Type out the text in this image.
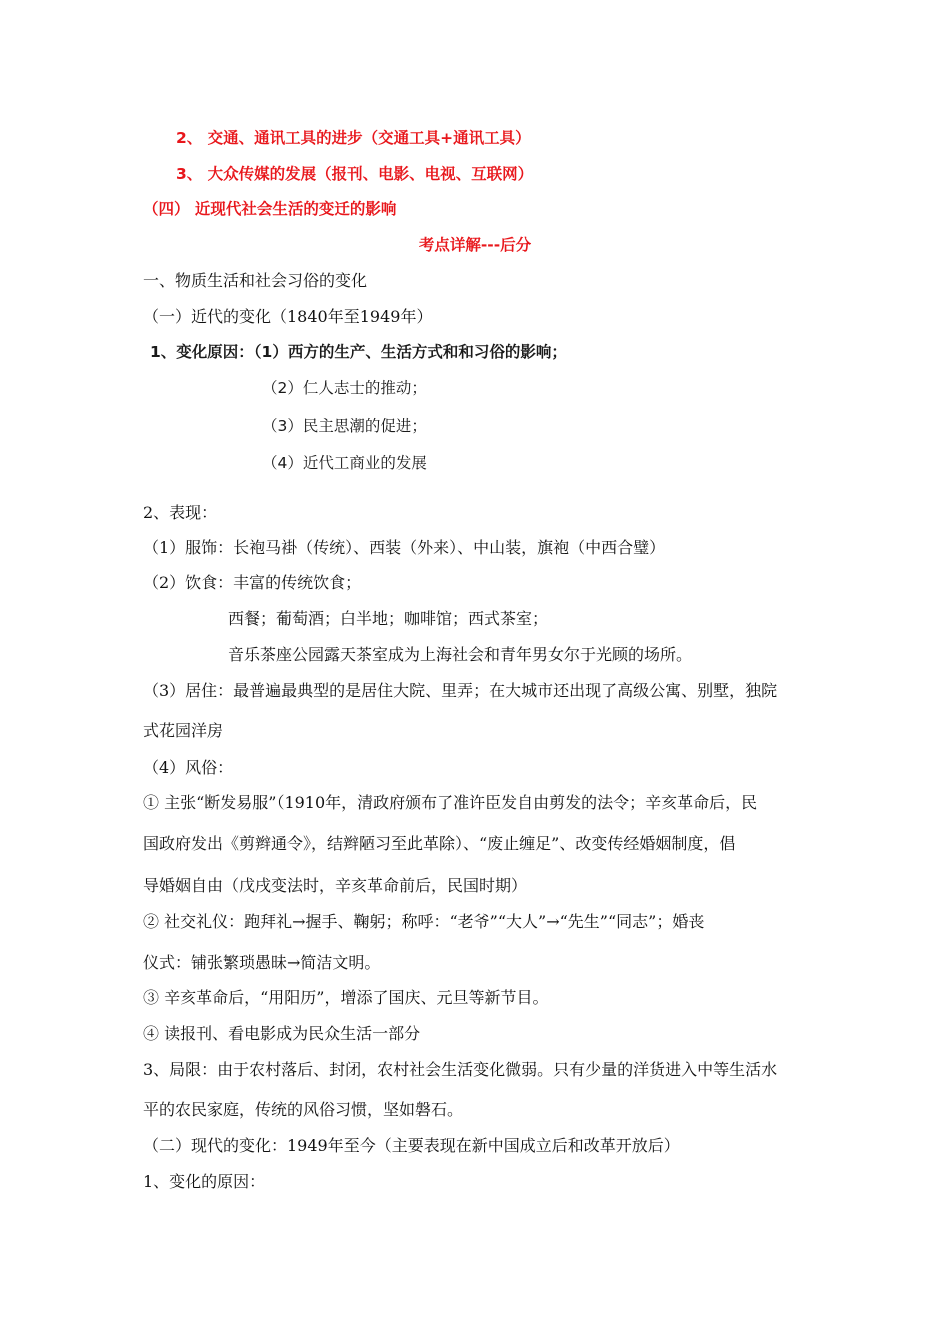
2、 交通、通讯工具的进步（交通工具+通讯工具）
3、 大众传媒的发展（报刊、电影、电视、互联网）
（四） 近现代社会生活的变迁的影响
考点详解---后分
一、物质生活和社会习俗的变化
（一）近代的变化（1840年至1949年）
1、变化原因：（1）西方的生产、生活方式和和习俗的影响；
（2）仁人志士的推动；
（3）民主思潮的促进；
（4）近代工商业的发展
2、表现：
（1）服饰：长袍马褂（传统）、西装（外来）、中山装，旗袍（中西合璧）
（2）饮食：丰富的传统饮食；
西餐；葡萄酒；白半地；咖啡馆；西式茶室；
音乐茶座公园露天茶室成为上海社会和青年男女尔于光顾的场所。
（3）居住：最普遍最典型的是居住大院、里弄；在大城市还出现了高级公寓、别墅，独院
式花园洋房
（4）风俗：
① 主张“断发易服”（1910年，清政府颁布了准许臣发自由剪发的法令；辛亥革命后，民
国政府发出《剪辫通令》，结辫陋习至此革除）、“废止缠足”、改变传经婚姻制度，倡
导婚姻自由（戊戌变法时，辛亥革命前后，民国时期）
② 社交礼仪：跑拜礼→握手、鞠躬；称呼：“老爷”“大人”→“先生”“同志”；婚丧
仪式：铺张繁琐愚昧→简洁文明。
③ 辛亥革命后，“用阳历”，增添了国庆、元旦等新节目。
④ 读报刊、看电影成为民众生活一部分
3、局限：由于农村落后、封闭，农村社会生活变化微弱。只有少量的洋货进入中等生活水
平的农民家庭，传统的风俗习惯，坚如磐石。
（二）现代的变化：1949年至今（主要表现在新中国成立后和改革开放后）
1、变化的原因：
